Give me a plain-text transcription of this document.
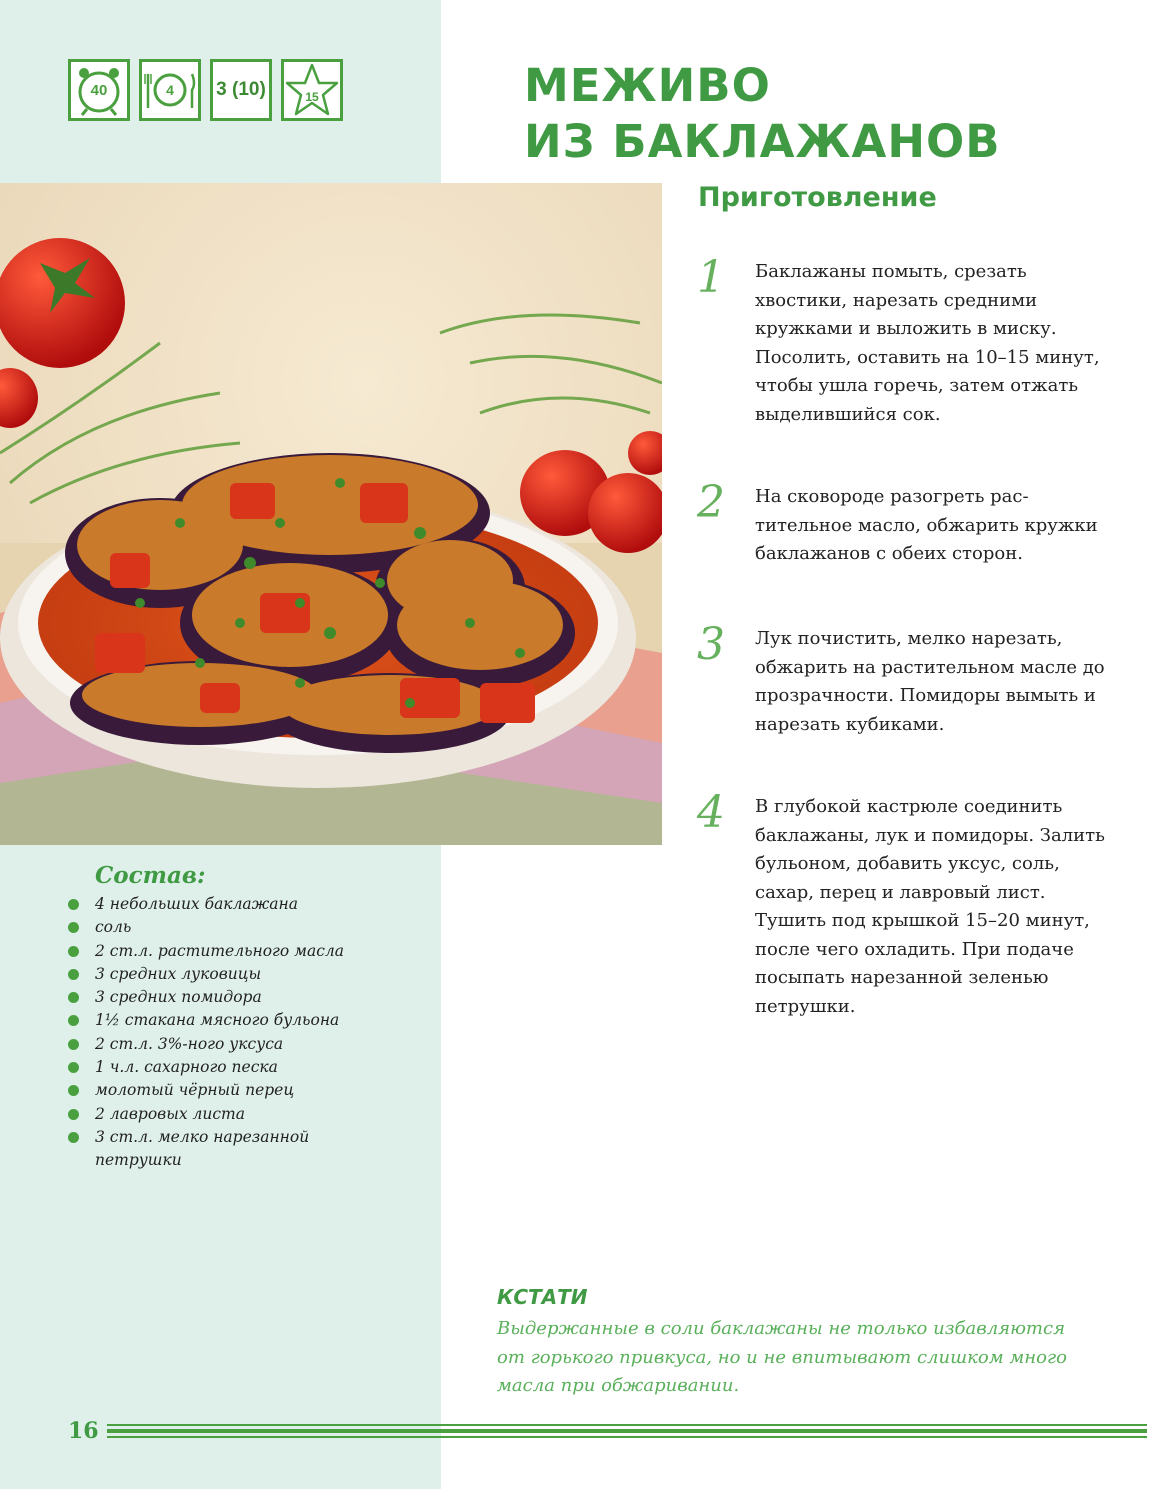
40	4 3 (10)	15	МЕЖИВО
ИЗ БАКЛАЖАНОВ
Приготовление
1	Баклажаны помыть, срезать хвостики, нарезать средними кружками и выложить в миску. Посолить, оставить на 10–15 минут, чтобы ушла горечь, затем отжать выделившийся сок.
2	На сковороде разогреть растительное масло, обжарить кружки баклажанов с обеих сторон.
3	Лук почистить, мелко нарезать, обжарить на растительном масле до прозрачности. Помидоры вымыть и нарезать кубиками.
4	В глубокой кастрюле соединить баклажаны, лук и помидоры. Залить бульоном, добавить уксус, соль, сахар, перец и лавровый лист. Тушить под крышкой 15–20 минут, после чего охладить. При подаче посыпать нарезанной зеленью петрушки.
Состав:
4 небольших баклажана
соль
2 ст.л. растительного масла
3 средних луковицы
3 средних помидора
1½ стакана мясного бульона
2 ст.л. 3%-ного уксуса
1 ч.л. сахарного песка
молотый чёрный перец
2 лавровых листа
3 ст.л. мелко нарезанной петрушки
КСТАТИ

Выдержанные в соли баклажаны не только избавляются от горького привкуса, но и не впитывают слишком много масла при обжаривании.

16
